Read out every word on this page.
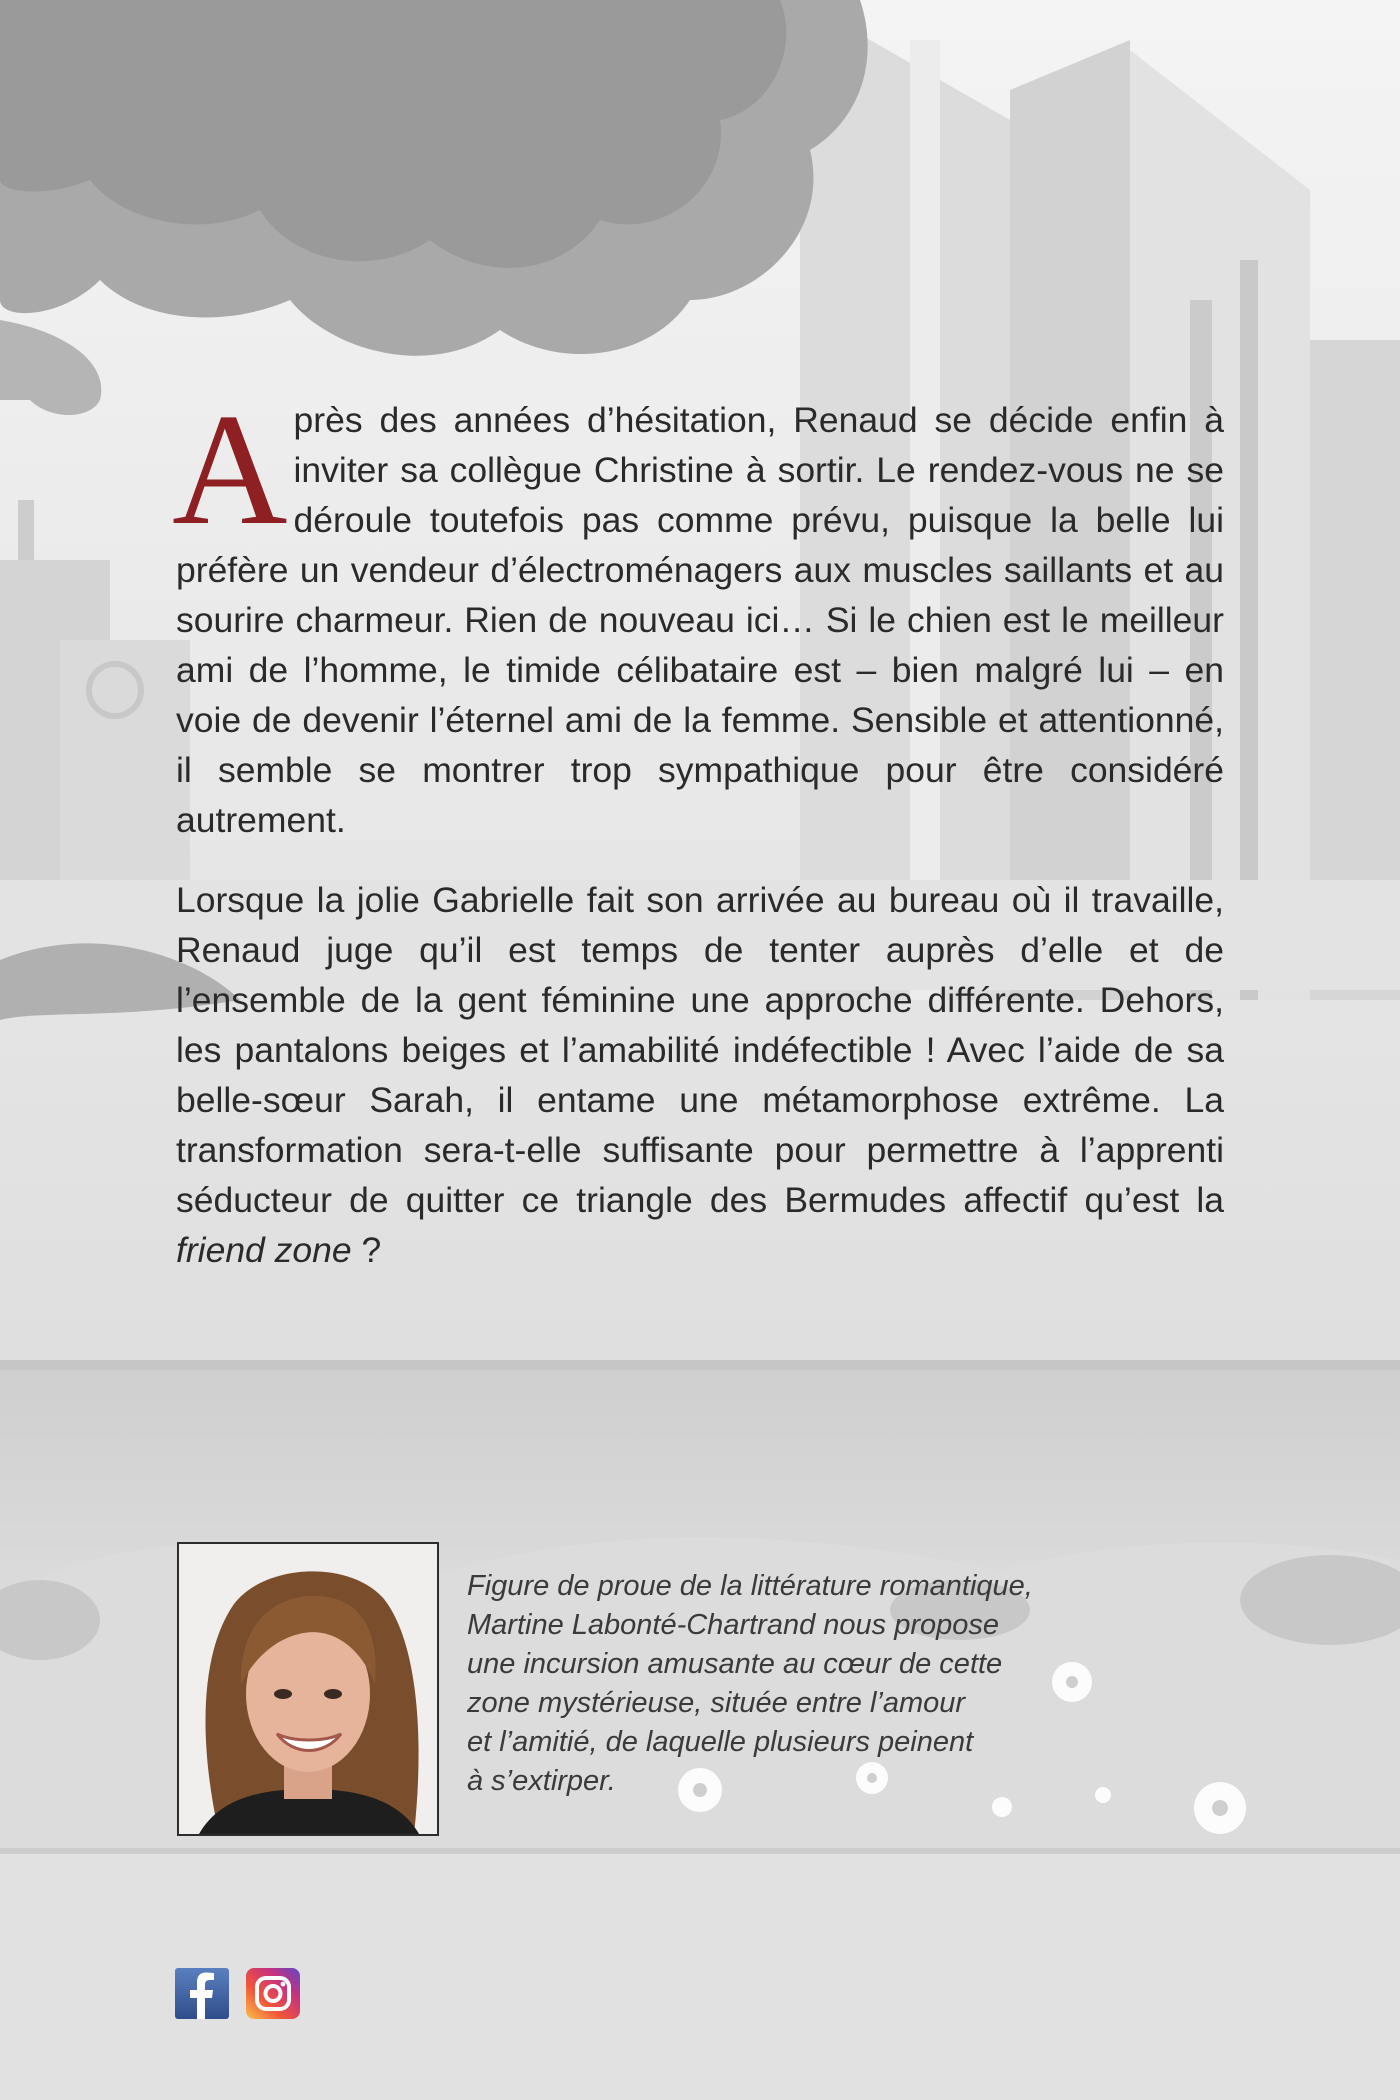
Après des années d’hésitation, Renaud se décide enfin à inviter sa collègue Christine à sortir. Le rendez-vous ne se déroule toutefois pas comme prévu, puisque la belle lui préfère un vendeur d’électroménagers aux muscles saillants et au sourire charmeur. Rien de nouveau ici… Si le chien est le meilleur ami de l’homme, le timide célibataire est – bien malgré lui – en voie de devenir l’éternel ami de la femme. Sensible et attentionné, il semble se montrer trop sympathique pour être considéré autrement.

Lorsque la jolie Gabrielle fait son arrivée au bureau où il travaille, Renaud juge qu’il est temps de tenter auprès d’elle et de l’ensemble de la gent féminine une approche différente. Dehors, les pantalons beiges et l’amabilité indéfectible ! Avec l’aide de sa belle-sœur Sarah, il entame une métamorphose extrême. La transformation sera-t-elle suffisante pour permettre à l’apprenti séducteur de quitter ce triangle des Bermudes affectif qu’est la friend zone ?

Figure de proue de la littérature romantique,
Martine Labonté-Chartrand nous propose
une incursion amusante au cœur de cette
zone mystérieuse, située entre l’amour
et l’amitié, de laquelle plusieurs peinent
à s’extirper.
